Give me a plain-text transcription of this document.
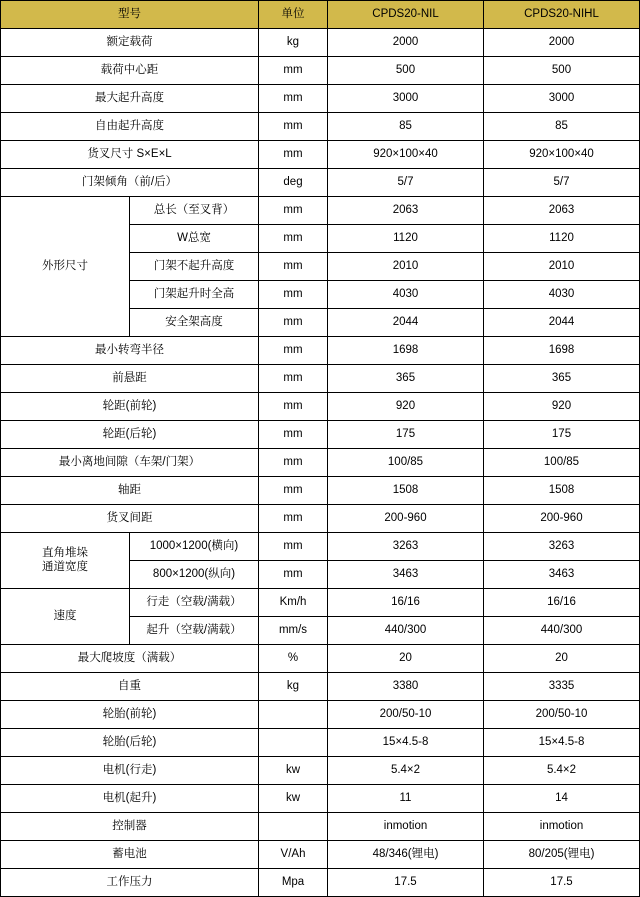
型号		单位	CPDS20-NIL	CPDS20-NIHL
额定载荷		kg	2000	2000
载荷中心距		mm	500	500
最大起升高度		mm	3000	3000
自由起升高度		mm	85	85
货叉尺寸 S×E×L		mm	920×100×40	920×100×40
门架倾角（前/后）		deg	5/7	5/7
外形尺寸	总长（至叉背）	mm	2063	2063
	W总宽	mm	1120	1120
	门架不起升高度	mm	2010	2010
	门架起升时全高	mm	4030	4030
	安全架高度	mm	2044	2044
最小转弯半径		mm	1698	1698
前悬距		mm	365	365
轮距(前轮)		mm	920	920
轮距(后轮)		mm	175	175
最小离地间隙（车架/门架）		mm	100/85	100/85
轴距		mm	1508	1508
货叉间距		mm	200-960	200-960

直角堆垛
通道宽度	1000×1200(横向)	mm	3263	3263
	800×1200(纵向)	mm	3463	3463
速度	行走（空载/满载）	Km/h	16/16	16/16
	起升（空载/满载）	mm/s	440/300	440/300
最大爬坡度（满载）		%	20	20
自重		kg	3380	3335
轮胎(前轮)			200/50-10	200/50-10
轮胎(后轮)			15×4.5-8	15×4.5-8
电机(行走)		kw	5.4×2	5.4×2
电机(起升)		kw	11	14
控制器			inmotion	inmotion
蓄电池		V/Ah	48/346(锂电)	80/205(锂电)
工作压力		Mpa	17.5	17.5
